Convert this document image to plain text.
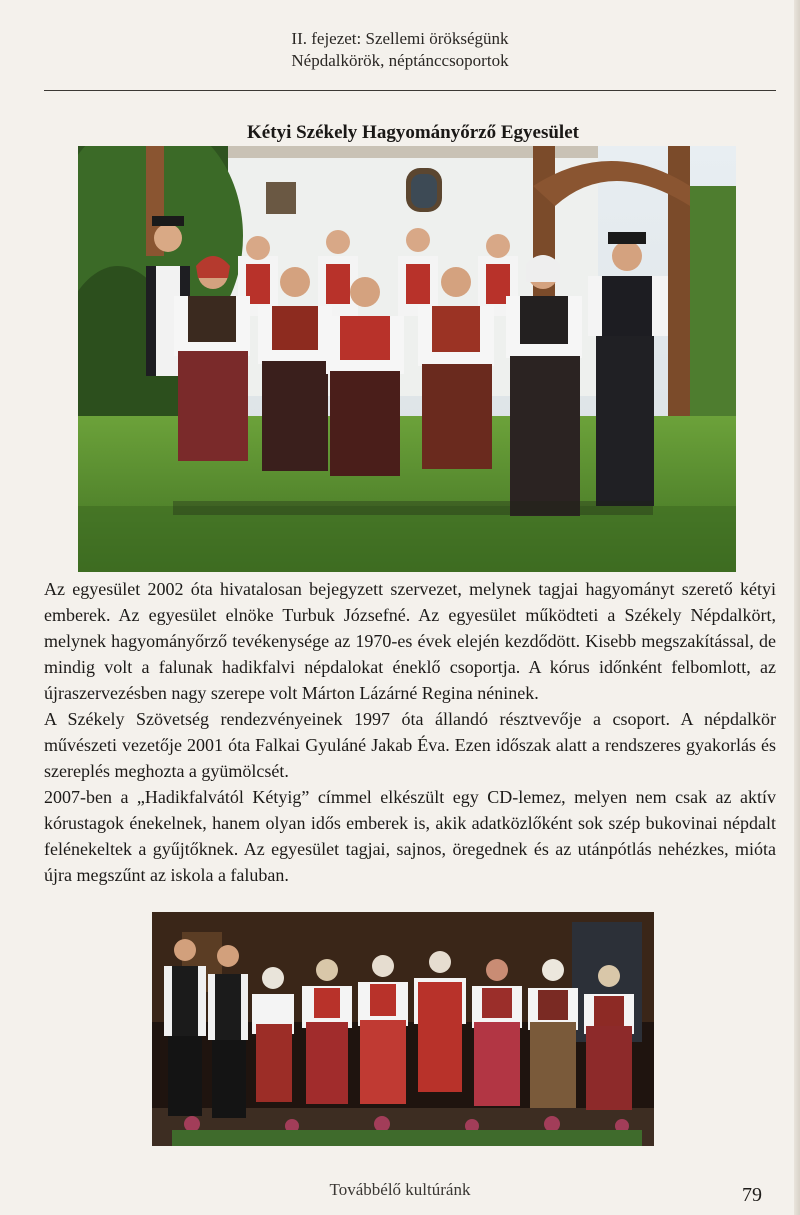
II. fejezet: Szellemi örökségünk
Népdalkörök, néptánccsoportok
Kétyi Székely Hagyományőrző Egyesület

Az egyesület 2002 óta hivatalosan bejegyzett szervezet, melynek tagjai hagyományt szerető kétyi emberek. Az egyesület elnöke Turbuk Józsefné. Az egyesület működteti a Székely Népdalkört, melynek hagyományőrző tevékenysége az 1970-es évek elején kezdődött. Kisebb megszakítással, de mindig volt a falunak hadikfalvi népdalokat éneklő csoportja. A kórus időnként felbomlott, az újraszervezésben nagy szerepe volt Márton Lázárné Regina néninek.

A Székely Szövetség rendezvényeinek 1997 óta állandó résztvevője a csoport. A népdalkör művészeti vezetője 2001 óta Falkai Gyuláné Jakab Éva. Ezen időszak alatt a rendszeres gyakorlás és szereplés meghozta a gyümölcsét.

2007-ben a „Hadikfalvától Kétyig” címmel elkészült egy CD-lemez, melyen nem csak az aktív kórustagok énekelnek, hanem olyan idős emberek is, akik adatközlőként sok szép bukovinai népdalt felénekeltek a gyűjtőknek. Az egyesület tagjai, sajnos, öregednek és az utánpótlás nehézkes, mióta újra megszűnt az iskola a faluban.

Továbbélő kultúránk	79
